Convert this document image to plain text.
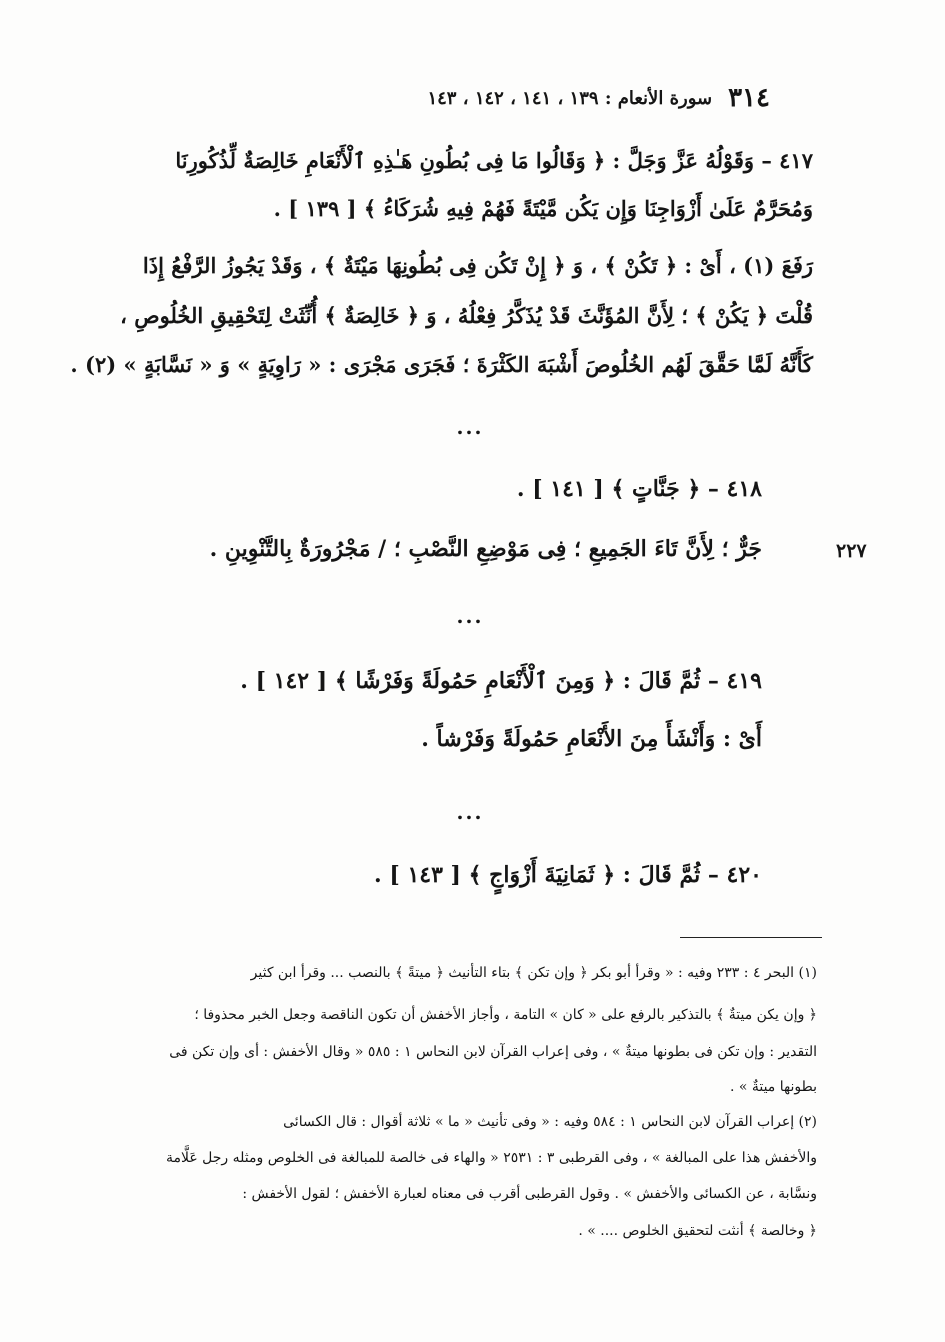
٣١٤
سورة الأنعام : ١٣٩ ، ١٤١ ، ١٤٢ ، ١٤٣
٤١٧ – وَقَوْلُهُ عَزَّ وَجَلَّ : ﴿ وَقَالُوا مَا فِى بُطُونِ هَـٰذِهِ ٱلْأَنْعَامِ خَالِصَةٌ لِّذُكُورِنَا
وَمُحَرَّمٌ عَلَىٰ أَزْوَاجِنَا وَإِن يَكُن مَّيْتَةً فَهُمْ فِيهِ شُرَكَاءُ ﴾ [ ١٣٩ ] .
رَفَعَ (١) ، أَىْ : ﴿ تَكُنْ ﴾ ، وَ ﴿ إِنْ تَكُن فِى بُطُونِهَا مَيْتَةٌ ﴾ ، وَقَدْ يَجُوزُ الرَّفْعُ إِذَا
قُلْتَ ﴿ يَكُنْ ﴾ ؛ لِأَنَّ المُؤَنَّثَ قَدْ يُذَكَّرُ فِعْلُهُ ، وَ ﴿ خَالِصَةٌ ﴾ أُنِّثَتْ لِتَحْقِيقِ الخُلُوصِ ،
كَأَنَّهُ لَمَّا حَقَّقَ لَهُم الخُلُوصَ أَشْبَهَ الكَثْرَةَ ؛ فَجَرَى مَجْرَى : « رَاوِيَةٍ » وَ « نَسَّابَةٍ » (٢) .
...
٤١٨ – ﴿ جَنَّاتٍ ﴾ [ ١٤١ ] .
جَرٌّ ؛ لِأَنَّ تَاءَ الجَمِيعِ ؛ فِى مَوْضِعِ النَّصْبِ ؛ / مَجْرُورَةٌ بِالتَّنْوِينِ .	٢٢٧
...
٤١٩ – ثُمَّ قَالَ : ﴿ وَمِنَ ٱلْأَنْعَامِ حَمُولَةً وَفَرْشًا ﴾ [ ١٤٢ ] .
أَىْ : وَأَنْشَأَ مِنَ الأَنْعَامِ حَمُولَةً وَفَرْشاً .
...
٤٢٠ – ثُمَّ قَالَ : ﴿ ثَمَانِيَةَ أَزْوَاجٍ ﴾ [ ١٤٣ ] .
(١) البحر ٤ : ٢٣٣ وفيه : « وقرأ أبو بكر ﴿ وإن تكن ﴾ بتاء التأنيث ﴿ ميتةً ﴾ بالنصب ... وقرأ ابن كثير
﴿ وإن يكن ميتةٌ ﴾ بالتذكير بالرفع على « كان » التامة ، وأجاز الأخفش أن تكون الناقصة وجعل الخبر محذوفا ؛
التقدير : وإن تكن فى بطونها ميتةٌ » ، وفى إعراب القرآن لابن النحاس ١ : ٥٨٥ « وقال الأخفش : أى وإن تكن فى
بطونها ميتةٌ » .
(٢) إعراب القرآن لابن النحاس ١ : ٥٨٤ وفيه : « وفى تأنيث « ما » ثلاثة أقوال : قال الكسائى
والأخفش هذا على المبالغة » ، وفى القرطبى ٣ : ٢٥٣١ « والهاء فى خالصة للمبالغة فى الخلوص ومثله رجل عَلَّامة
ونسَّابة ، عن الكسائى والأخفش » . وقول القرطبى أقرب فى معناه لعبارة الأخفش ؛ لقول الأخفش :
﴿ وخالصة ﴾ أنثت لتحقيق الخلوص .... » .
